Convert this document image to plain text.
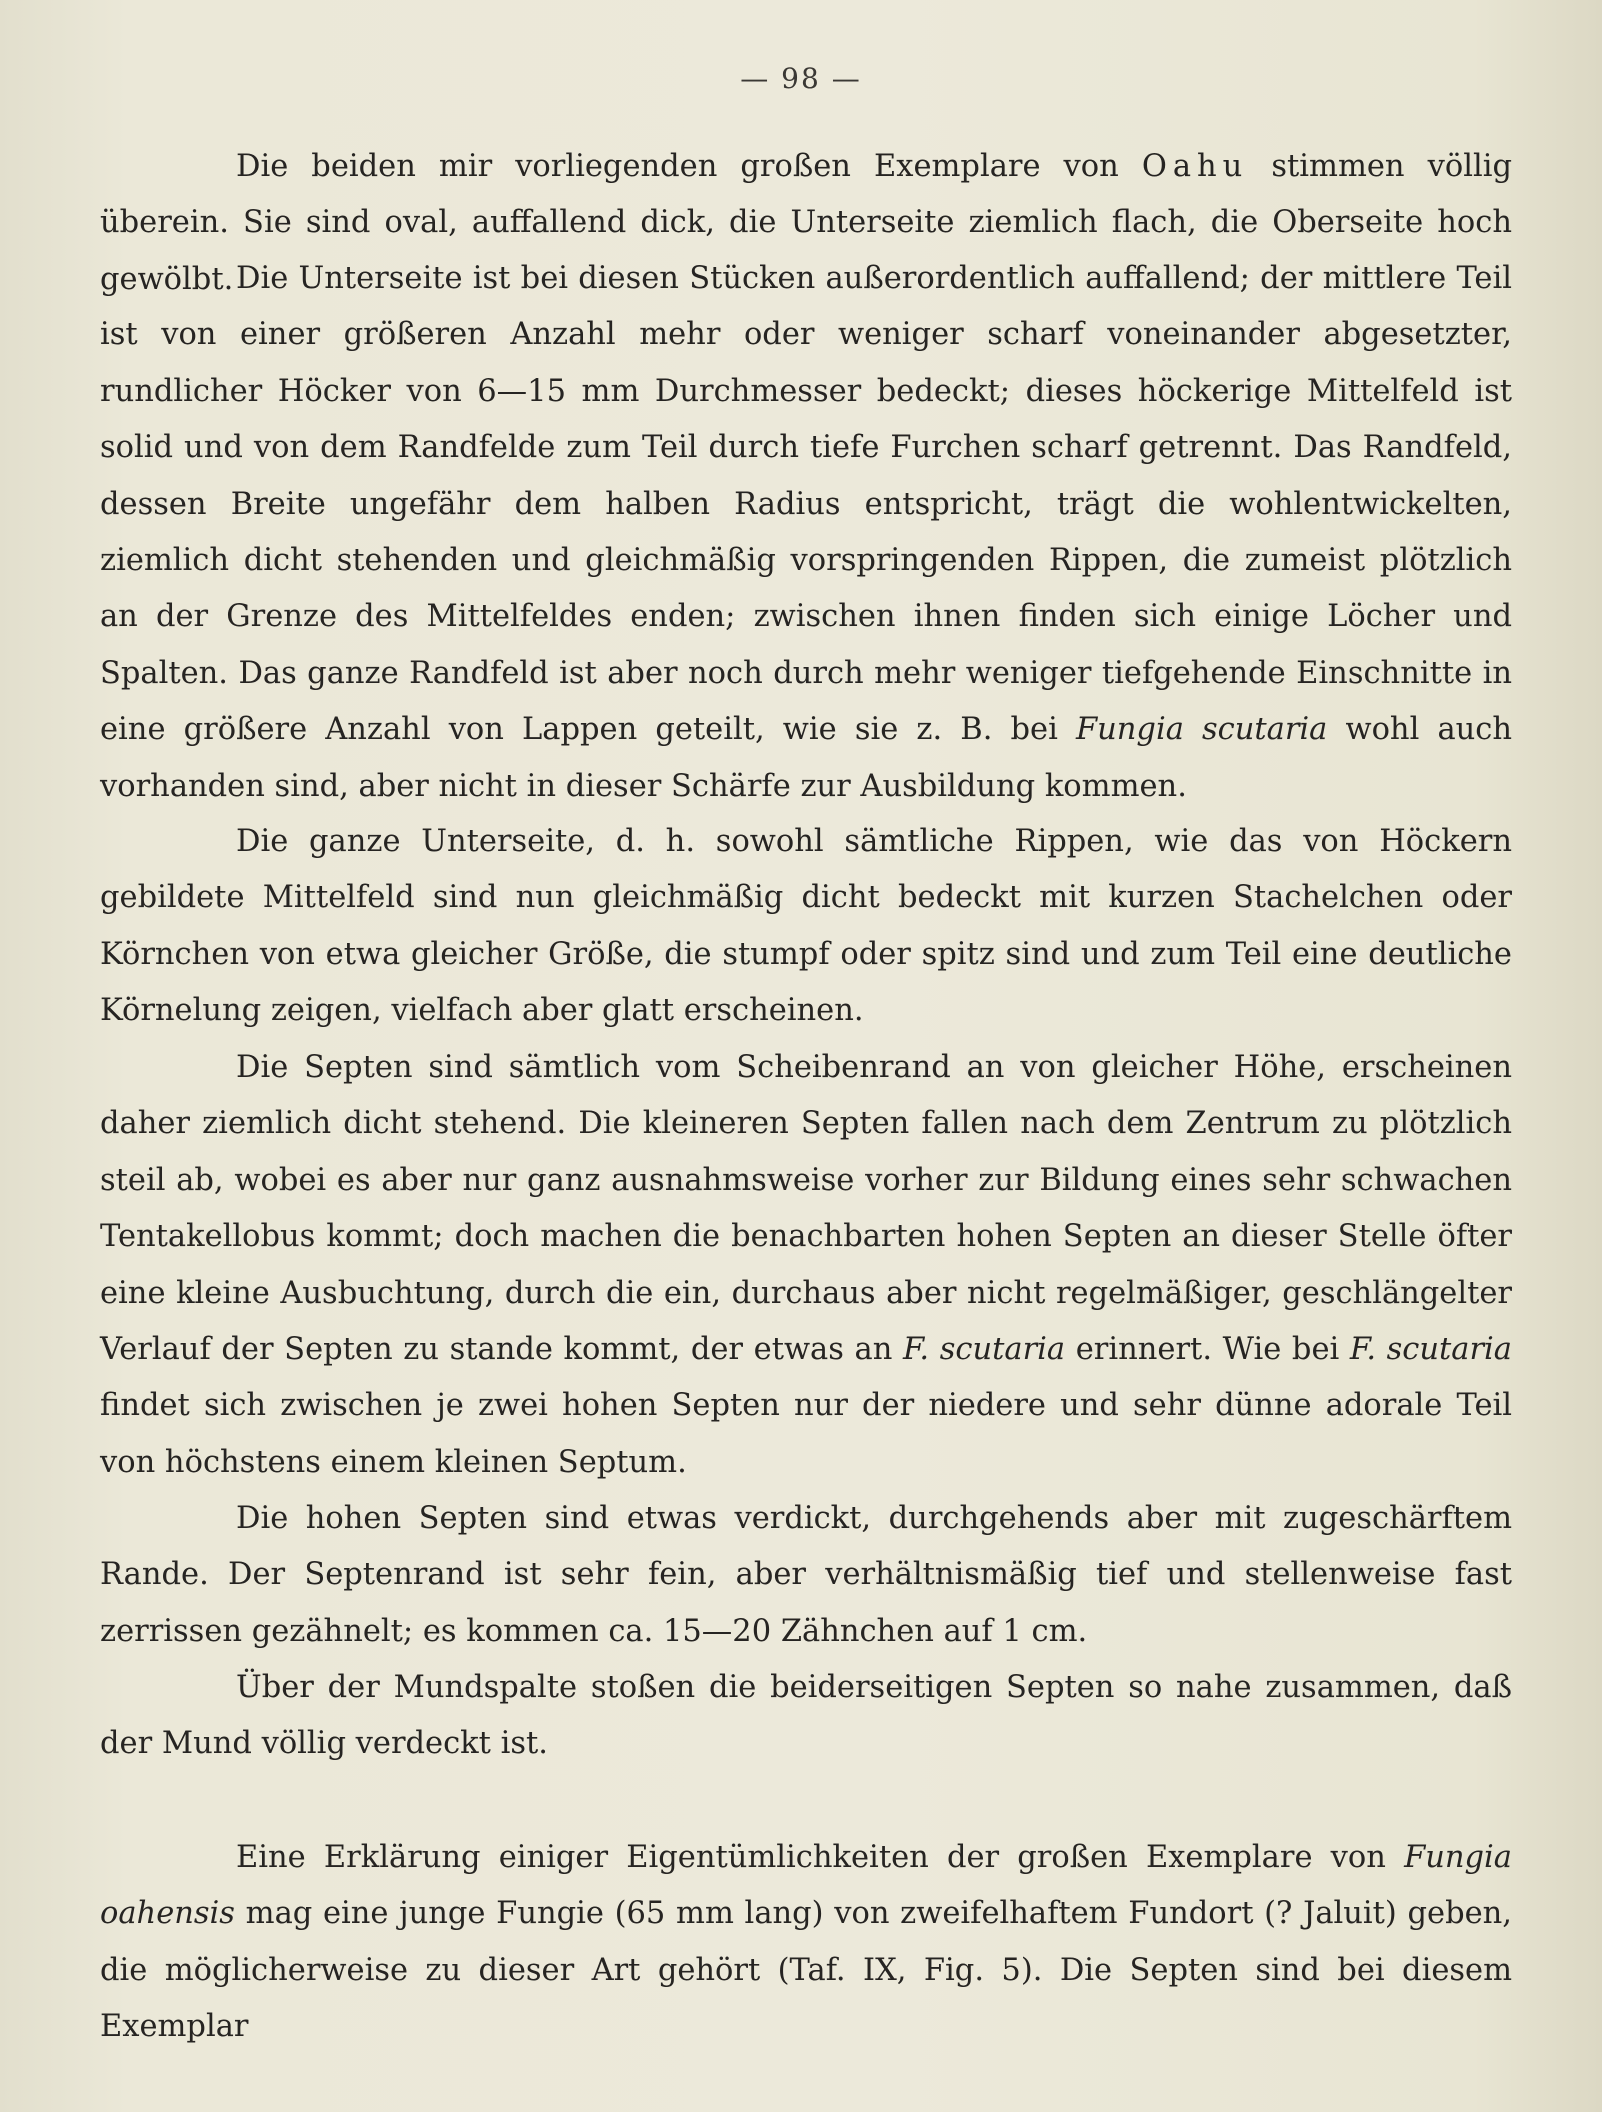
— 98 —

Die beiden mir vorliegenden großen Exemplare von Oahu stimmen völlig überein. Sie sind oval, auffallend dick, die Unterseite ziemlich flach, die Oberseite hoch gewölbt. Die Unterseite ist bei diesen Stücken außerordentlich auffallend; der mittlere Teil ist von einer größeren Anzahl mehr oder weniger scharf voneinander abgesetzter, rundlicher Höcker von 6—15 mm Durchmesser bedeckt; dieses höckerige Mittelfeld ist solid und von dem Randfelde zum Teil durch tiefe Furchen scharf getrennt. Das Randfeld, dessen Breite ungefähr dem halben Radius entspricht, trägt die wohlentwickelten, ziemlich dicht stehenden und gleichmäßig vorspringenden Rippen, die zumeist plötzlich an der Grenze des Mittelfeldes enden; zwischen ihnen finden sich einige Löcher und Spalten. Das ganze Randfeld ist aber noch durch mehr weniger tiefgehende Einschnitte in eine größere Anzahl von Lappen geteilt, wie sie z. B. bei Fungia scutaria wohl auch vorhanden sind, aber nicht in dieser Schärfe zur Ausbildung kommen.

Die ganze Unterseite, d. h. sowohl sämtliche Rippen, wie das von Höckern gebildete Mittelfeld sind nun gleichmäßig dicht bedeckt mit kurzen Stachelchen oder Körnchen von etwa gleicher Größe, die stumpf oder spitz sind und zum Teil eine deutliche Körnelung zeigen, vielfach aber glatt erscheinen.

Die Septen sind sämtlich vom Scheibenrand an von gleicher Höhe, erscheinen daher ziemlich dicht stehend. Die kleineren Septen fallen nach dem Zentrum zu plötzlich steil ab, wobei es aber nur ganz ausnahmsweise vorher zur Bildung eines sehr schwachen Tentakellobus kommt; doch machen die benachbarten hohen Septen an dieser Stelle öfter eine kleine Ausbuchtung, durch die ein, durchaus aber nicht regelmäßiger, geschlängelter Verlauf der Septen zu stande kommt, der etwas an F. scutaria erinnert. Wie bei F. scutaria findet sich zwischen je zwei hohen Septen nur der niedere und sehr dünne adorale Teil von höchstens einem kleinen Septum.

Die hohen Septen sind etwas verdickt, durchgehends aber mit zugeschärftem Rande. Der Septenrand ist sehr fein, aber verhältnismäßig tief und stellenweise fast zerrissen gezähnelt; es kommen ca. 15—20 Zähnchen auf 1 cm.

Über der Mundspalte stoßen die beiderseitigen Septen so nahe zusammen, daß der Mund völlig verdeckt ist.

Eine Erklärung einiger Eigentümlichkeiten der großen Exemplare von Fungia oahensis mag eine junge Fungie (65 mm lang) von zweifelhaftem Fundort (? Jaluit) geben, die möglicherweise zu dieser Art gehört (Taf. IX, Fig. 5). Die Septen sind bei diesem Exemplar
